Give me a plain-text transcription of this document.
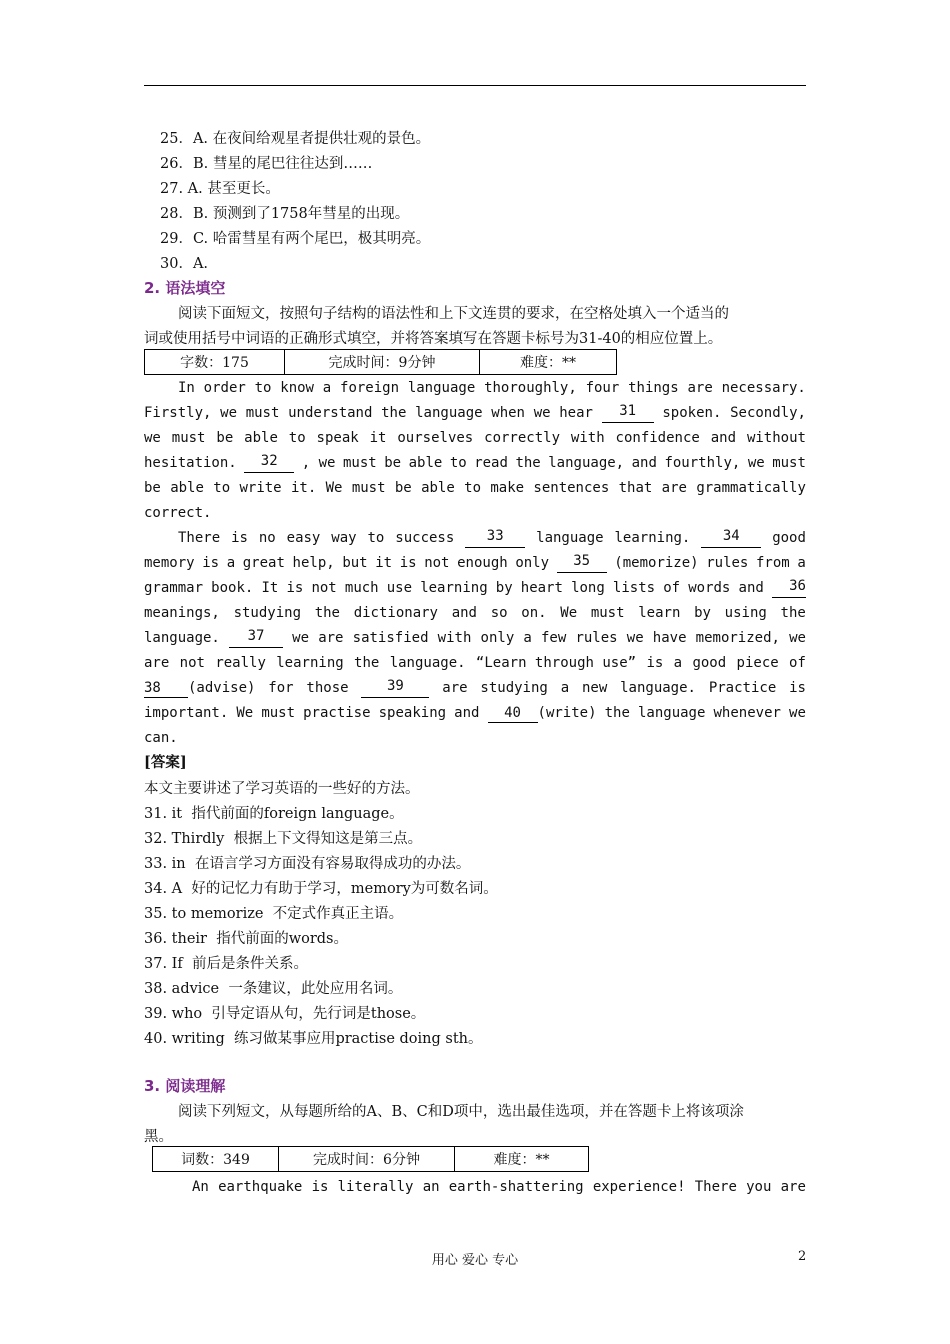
25．A. 在夜间给观星者提供壮观的景色。
26．B. 彗星的尾巴往往达到……
27. A. 甚至更长。
28．B. 预测到了1758年彗星的出现。
29．C. 哈雷彗星有两个尾巴，极其明亮。
30．A.
2. 语法填空
阅读下面短文，按照句子结构的语法性和上下文连贯的要求，在空格处填入一个适当的
词或使用括号中词语的正确形式填空，并将答案填写在答题卡标号为31-40的相应位置上。
字数：175	完成时间：9分钟	难度：**
In order to know a foreign language thoroughly, four things are necessary.
Firstly, we must understand the language when we hear	31	spoken. Secondly,
we must be able to speak it ourselves correctly with confidence and without
hesitation.	32	, we must be able to read the language, and fourthly, we must
be able to write it. We must be able to make sentences that are grammatically
correct.
There is no easy way to success	33	language learning.	34	good
memory is a great help, but it is not enough only	35	(memorize) rules from a
grammar book. It is not much use learning by heart long lists of words and	36
meanings, studying the dictionary and so on. We must learn by using the
language.	37	we are satisfied with only a few rules we have memorized, we
are not really learning the language. “Learn through use” is a good piece of
38 (advise) for those	39	are studying a new language. Practice is
important. We must practise speaking and	40 (write) the language whenever we
can.
[答案]
本文主要讲述了学习英语的一些好的方法。
31. it  指代前面的foreign language。
32. Thirdly  根据上下文得知这是第三点。
33. in  在语言学习方面没有容易取得成功的办法。
34. A  好的记忆力有助于学习，memory为可数名词。
35. to memorize  不定式作真正主语。
36. their  指代前面的words。
37. If  前后是条件关系。
38. advice  一条建议，此处应用名词。
39. who  引导定语从句，先行词是those。
40. writing  练习做某事应用practise doing sth。
3. 阅读理解
阅读下列短文，从每题所给的A、B、C和D项中，选出最佳选项，并在答题卡上将该项涂
黑。
词数：349	完成时间：6分钟	难度：**
An earthquake is literally an earth-shattering experience! There you are
用心 爱心 专心	2
